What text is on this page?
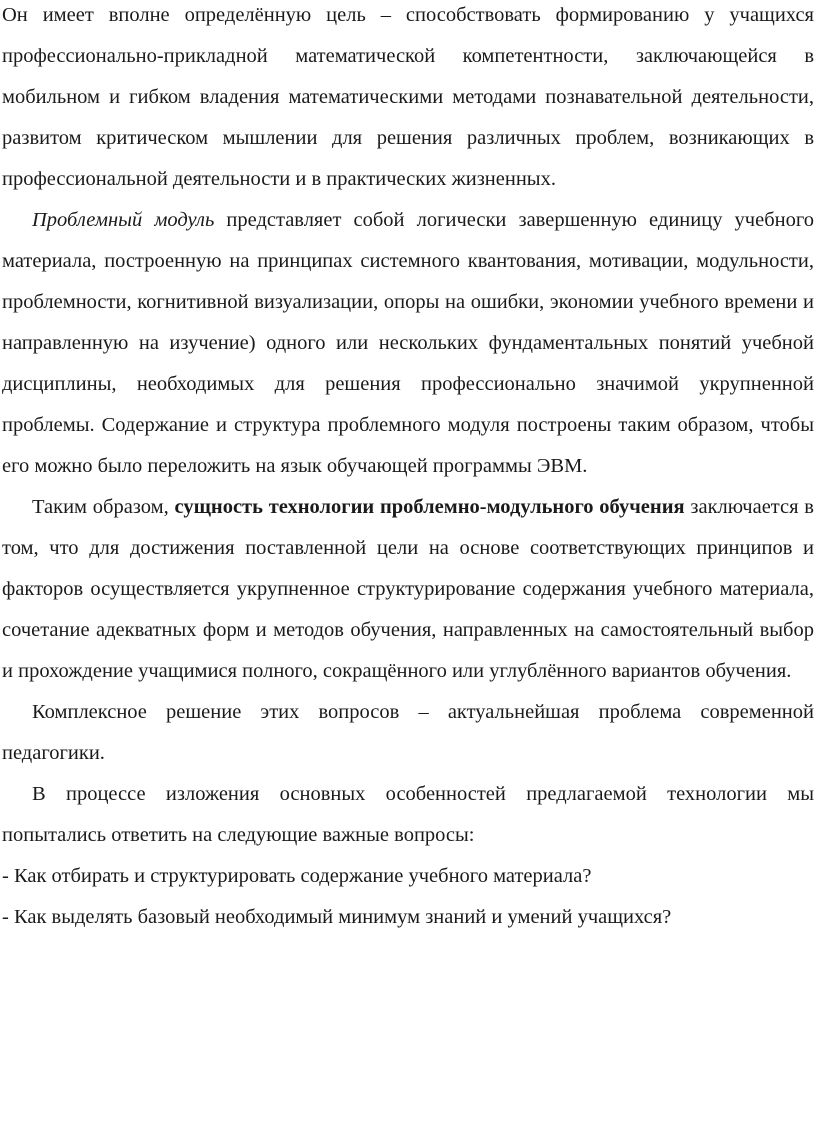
Он имеет вполне определённую цель – способствовать формированию у учащихся профессионально-прикладной математической компетентности, заключающейся в мобильном и гибком владения математическими методами познавательной деятельности, развитом критическом мышлении для решения различных проблем, возникающих в профессиональной деятельности и в практических жизненных.

Проблемный модуль представляет собой логически завершенную единицу учебного материала, построенную на принципах системного квантования, мотивации, модульности, проблемности, когнитивной визуализации, опоры на ошибки, экономии учебного времени и направленную на изучение) одного или нескольких фундаментальных понятий учебной дисциплины, необходимых для решения профессионально значимой укрупненной проблемы. Содержание и структура проблемного модуля построены таким образом, чтобы его можно было переложить на язык обучающей программы ЭВМ.

Таким образом, сущность технологии проблемно-модульного обучения заключается в том, что для достижения поставленной цели на основе соответствующих принципов и факторов осуществляется укрупненное структурирование содержания учебного материала, сочетание адекватных форм и методов обучения, направленных на самостоятельный выбор и прохождение учащимися полного, сокращённого или углублённого вариантов обучения.

Комплексное решение этих вопросов – актуальнейшая проблема современной педагогики.

В процессе изложения основных особенностей предлагаемой технологии мы попытались ответить на следующие важные вопросы:

- Как отбирать и структурировать содержание учебного материала?

- Как выделять базовый необходимый минимум знаний и умений учащихся?
